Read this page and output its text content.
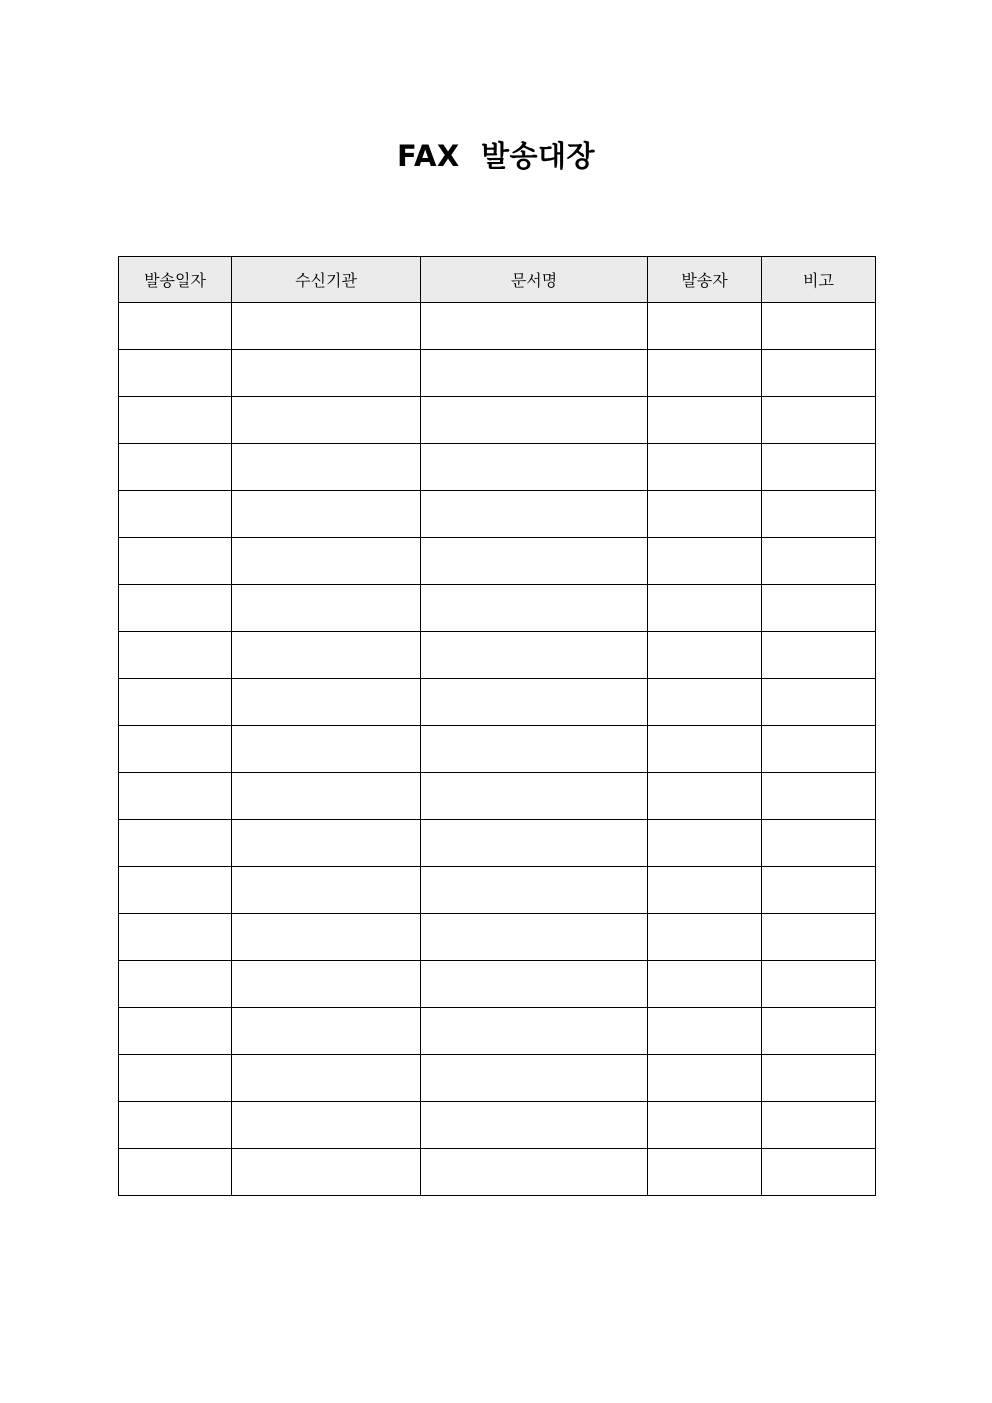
FAX  발송대장
발송일자	수신기관	문서명	발송자	비고
